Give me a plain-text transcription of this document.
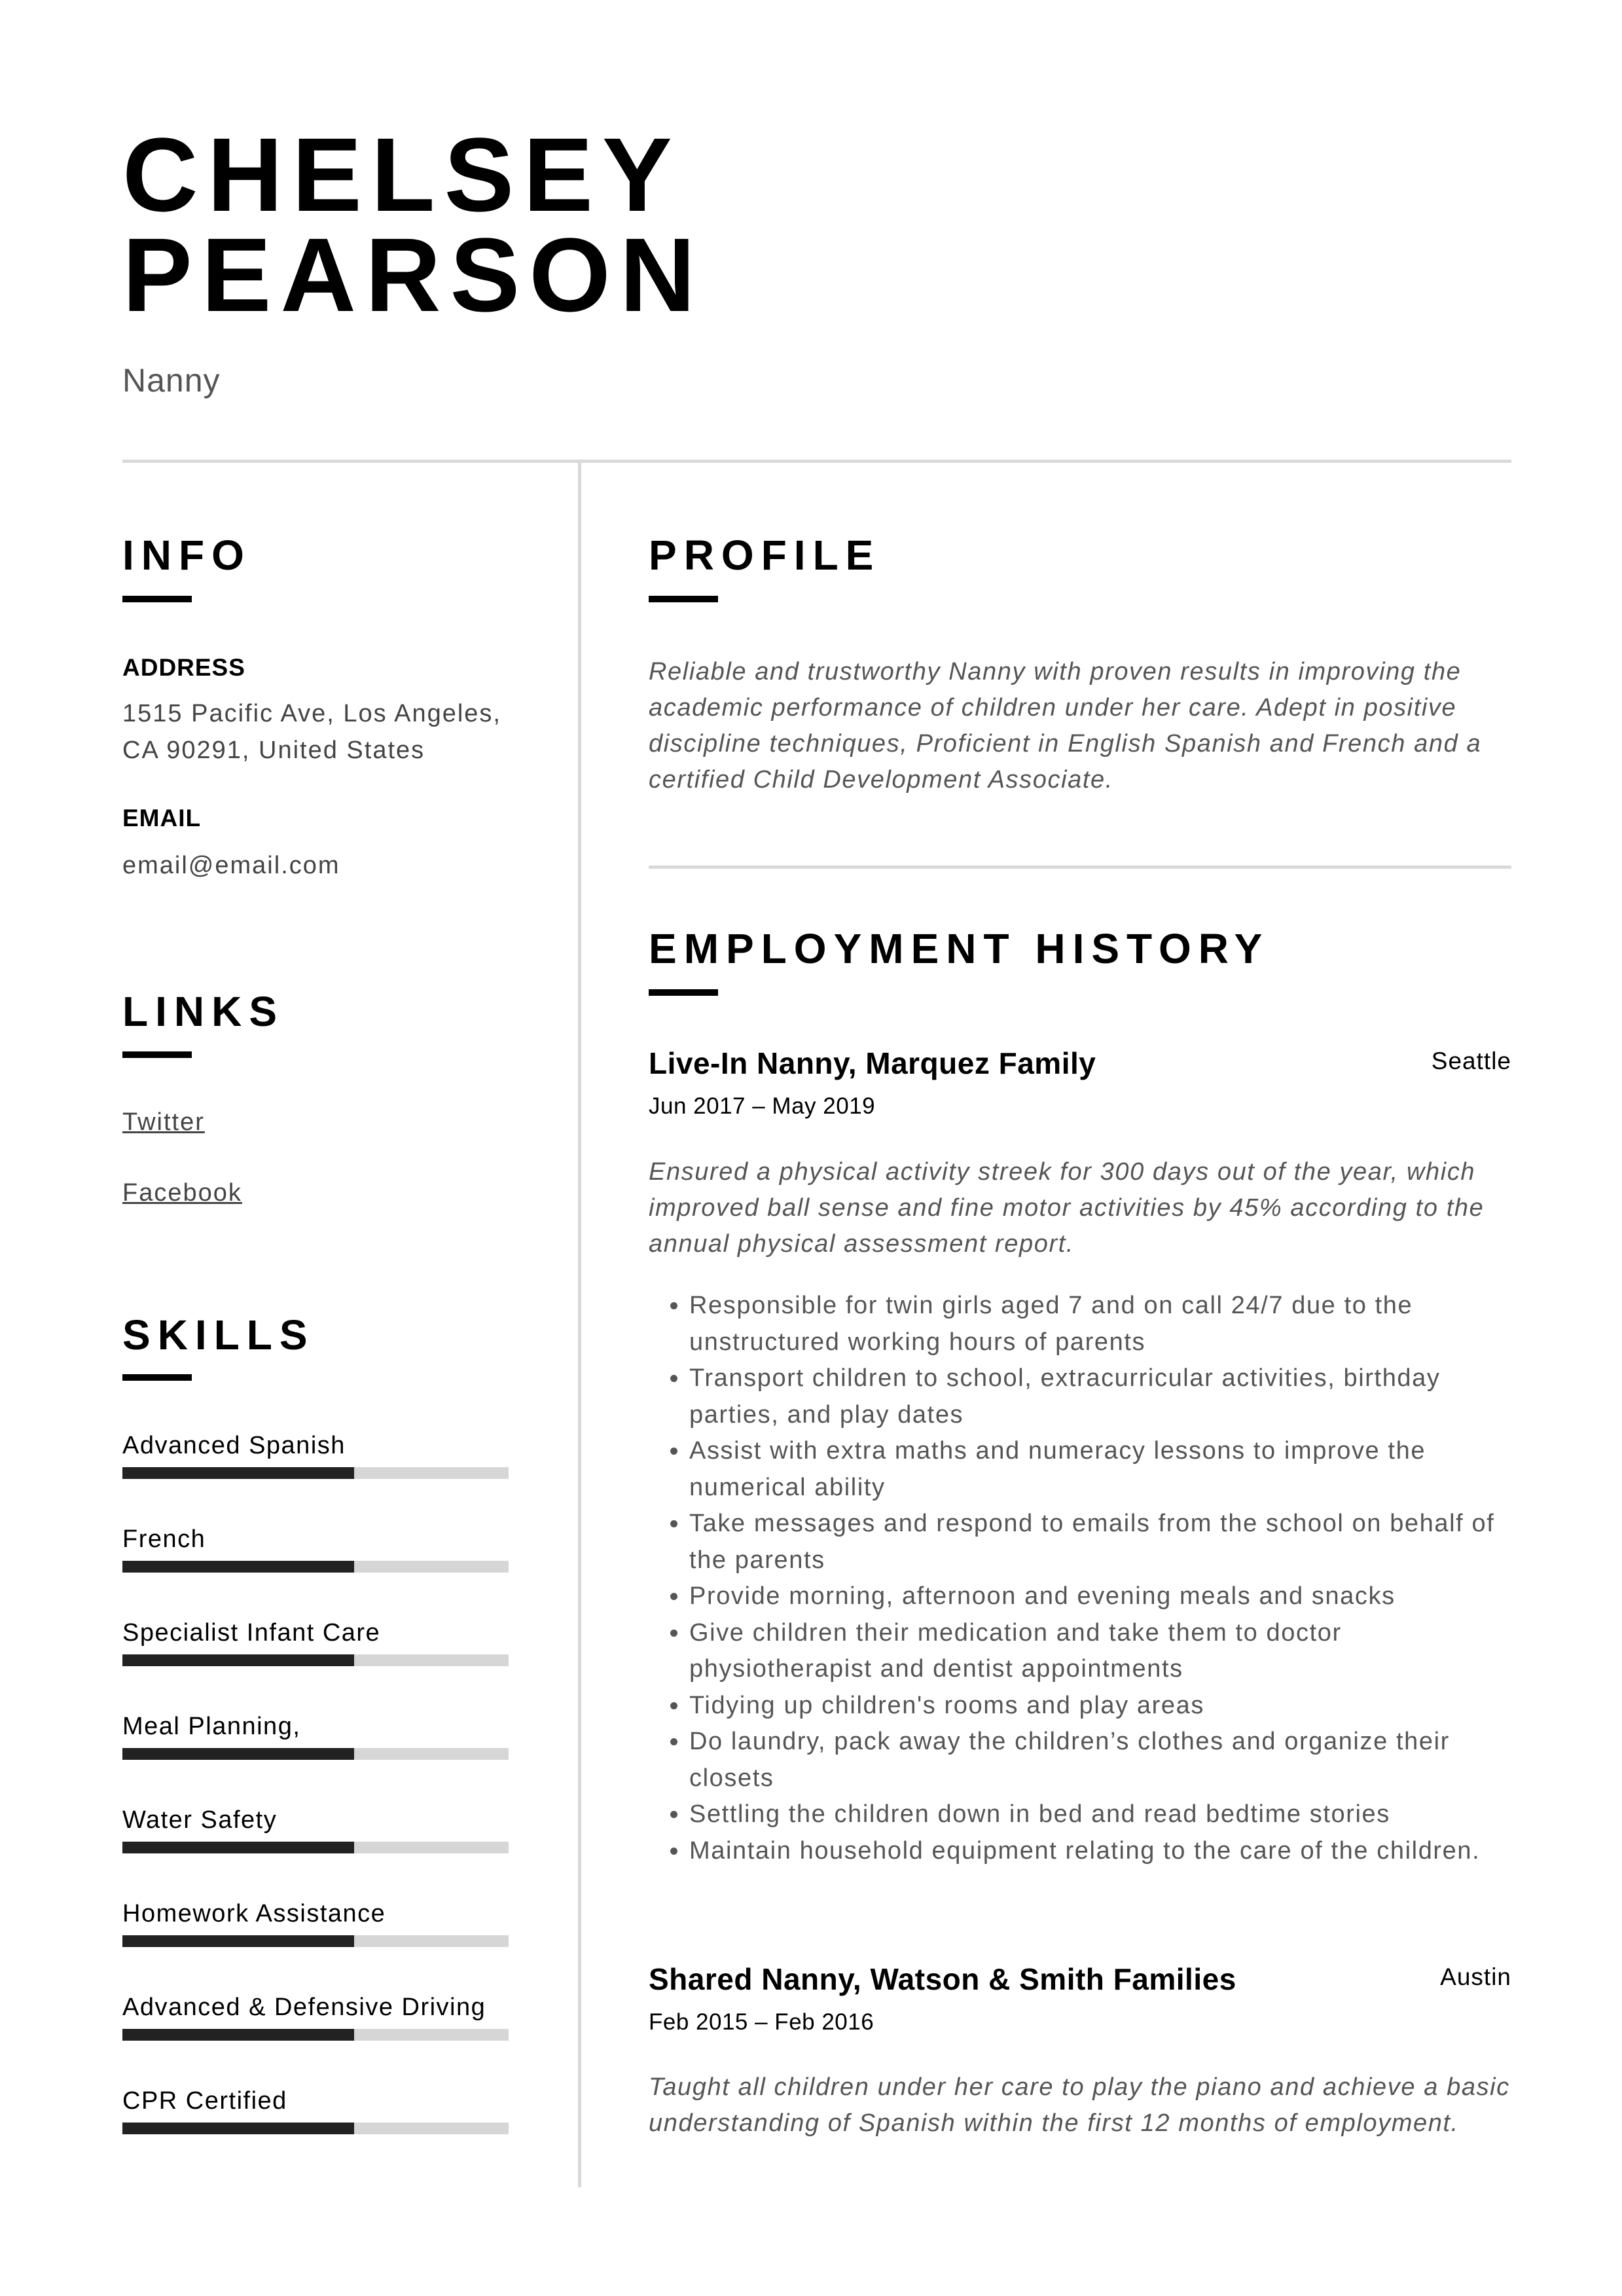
CHELSEY
PEARSON
Nanny
INFO
ADDRESS
1515 Pacific Ave, Los Angeles,
CA 90291, United States
EMAIL
email@email.com
LINKS
Twitter
Facebook
SKILLS
Advanced Spanish
French
Specialist Infant Care
Meal Planning,
Water Safety
Homework Assistance
Advanced & Defensive Driving
CPR Certified
PROFILE
Reliable and trustworthy Nanny with proven results in improving the academic performance of children under her care. Adept in positive discipline techniques, Proficient in English Spanish and French and a certified Child Development Associate.
EMPLOYMENT HISTORY
Live-In Nanny, Marquez Family	Seattle
Jun 2017 – May 2019
Ensured a physical activity streek for 300 days out of the year, which improved ball sense and fine motor activities by 45% according to the annual physical assessment report.
• Responsible for twin girls aged 7 and on call 24/7 due to the unstructured working hours of parents
• Transport children to school, extracurricular activities, birthday parties, and play dates
• Assist with extra maths and numeracy lessons to improve the numerical ability
• Take messages and respond to emails from the school on behalf of the parents
• Provide morning, afternoon and evening meals and snacks
• Give children their medication and take them to doctor physiotherapist and dentist appointments
• Tidying up children's rooms and play areas
• Do laundry, pack away the children’s clothes and organize their closets
• Settling the children down in bed and read bedtime stories
• Maintain household equipment relating to the care of the children.
Shared Nanny, Watson & Smith Families	Austin
Feb 2015 – Feb 2016
Taught all children under her care to play the piano and achieve a basic understanding of Spanish within the first 12 months of employment.
